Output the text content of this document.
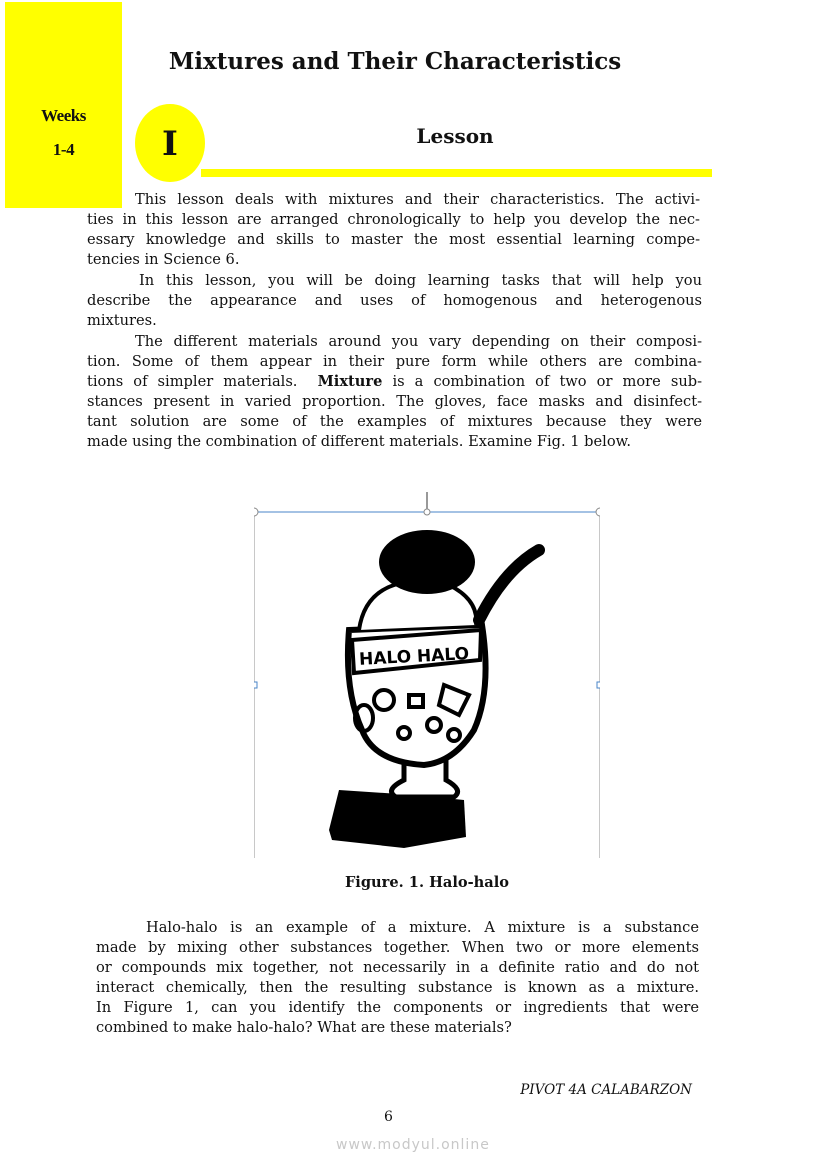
Weeks
1-4
Mixtures and Their Characteristics
I	Lesson
This lesson deals with mixtures and their characteristics. The activi-
ties in this lesson are arranged chronologically to help you develop the nec-
essary knowledge and skills to master the most essential learning compe-
tencies in Science 6.
In this lesson, you will be doing learning tasks that will help you
describe the appearance and uses of homogenous and heterogenous
mixtures.
The different materials around you vary depending on their composi-
tion. Some of them appear in their pure form while others are combina-
tions of simpler materials.  Mixture is a combination of two or more sub-
stances present in varied proportion. The gloves, face masks and disinfect-
tant solution are some of the examples of mixtures because they were
made using the combination of different materials. Examine Fig. 1 below.
HALO HALO
Figure. 1. Halo-halo
Halo-halo is an example of a mixture. A mixture is a substance
made by mixing other substances together. When two or more elements
or compounds mix together, not necessarily in a definite ratio and do not
interact chemically, then the resulting substance is known as a mixture.
In Figure 1, can you identify the components or ingredients that were
combined to make halo-halo? What are these materials?
PIVOT 4A CALABARZON
6
www.modyul.online
